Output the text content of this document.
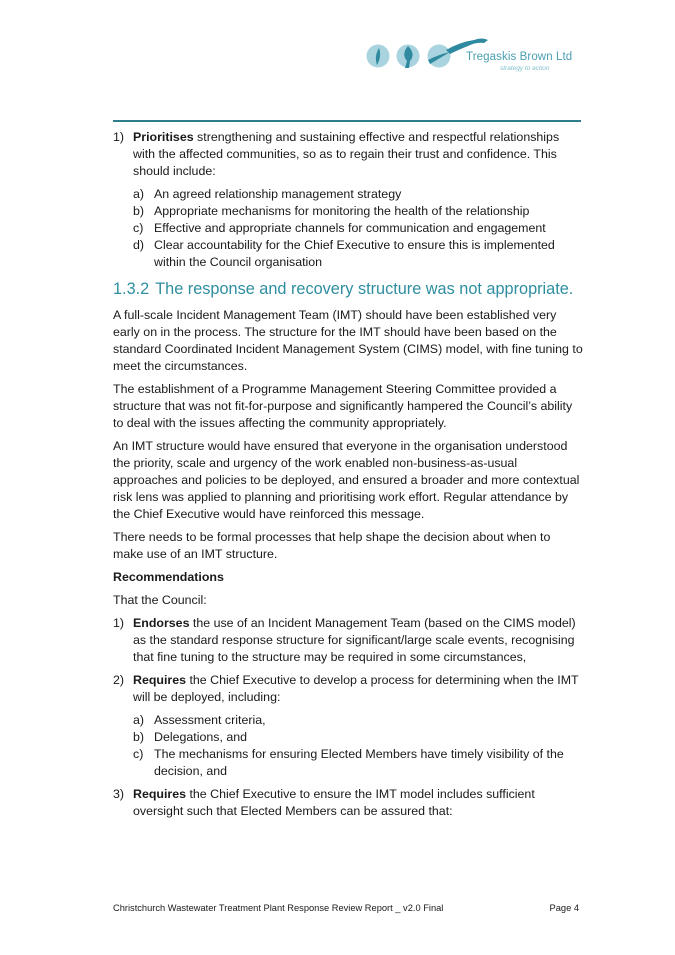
Tregaskis Brown Ltd
strategy to action
1) Prioritises strengthening and sustaining effective and respectful relationships with the affected communities, so as to regain their trust and confidence. This should include:

a) An agreed relationship management strategy
b) Appropriate mechanisms for monitoring the health of the relationship
c) Effective and appropriate channels for communication and engagement
d) Clear accountability for the Chief Executive to ensure this is implemented within the Council organisation
1.3.2 The response and recovery structure was not appropriate.

A full-scale Incident Management Team (IMT) should have been established very early on in the process. The structure for the IMT should have been based on the standard Coordinated Incident Management System (CIMS) model, with fine tuning to meet the circumstances.

The establishment of a Programme Management Steering Committee provided a structure that was not fit-for-purpose and significantly hampered the Council’s ability to deal with the issues affecting the community appropriately.

An IMT structure would have ensured that everyone in the organisation understood the priority, scale and urgency of the work enabled non-business-as-usual approaches and policies to be deployed, and ensured a broader and more contextual risk lens was applied to planning and prioritising work effort. Regular attendance by the Chief Executive would have reinforced this message.

There needs to be formal processes that help shape the decision about when to make use of an IMT structure.

Recommendations

That the Council:

1) Endorses the use of an Incident Management Team (based on the CIMS model) as the standard response structure for significant/large scale events, recognising that fine tuning to the structure may be required in some circumstances,

2) Requires the Chief Executive to develop a process for determining when the IMT will be deployed, including:

a) Assessment criteria,
b) Delegations, and
c) The mechanisms for ensuring Elected Members have timely visibility of the decision, and
3) Requires the Chief Executive to ensure the IMT model includes sufficient oversight such that Elected Members can be assured that:

Christchurch Wastewater Treatment Plant Response Review Report _ v2.0 Final	Page 4
